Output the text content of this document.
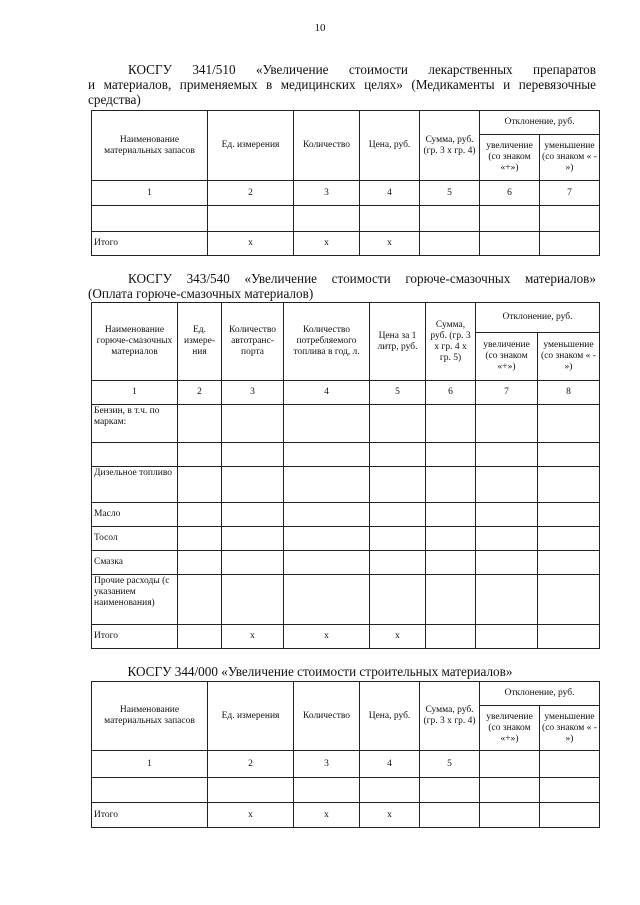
10
КОСГУ 341/510 «Увеличение стоимости лекарственных препаратов
и материалов, применяемых в медицинских целях» (Медикаменты и перевязочные
средства)
Наименование материальных запасов	Ед. измерения	Количество	Цена, руб.	Сумма, руб. (гр. 3 х гр. 4)	Отклонение, руб.	
					увеличение (со знаком «+»)	уменьшение (со знаком « - »)
1	2	3	4	5	6	7

Итого	х	х	х			
КОСГУ 343/540 «Увеличение стоимости горюче-смазочных материалов»
(Оплата горюче-смазочных материалов)
Наименование горюче-смазочных материалов	Ед. измере-ния	Количество автотранс-порта	Количество потребляемого топлива в год, л.	Цена за 1 литр, руб.	Сумма, руб. (гр. 3 х гр. 4 х гр. 5)	Отклонение, руб.	
						увеличение (со знаком «+»)	уменьшение (со знаком « - »)
1	2	3	4	5	6	7	8
Бензин, в т.ч. по маркам:							

Дизельное топливо							
Масло							
Тосол							
Смазка							
Прочие расходы (с указанием наименования)							
Итого		х	х	х			
КОСГУ 344/000 «Увеличение стоимости строительных материалов»
Наименование материальных запасов	Ед. измерения	Количество	Цена, руб.	Сумма, руб. (гр. 3 х гр. 4)	Отклонение, руб.	
					увеличение (со знаком «+»)	уменьшение (со знаком « - »)
1	2	3	4	5		

Итого	х	х	х			
